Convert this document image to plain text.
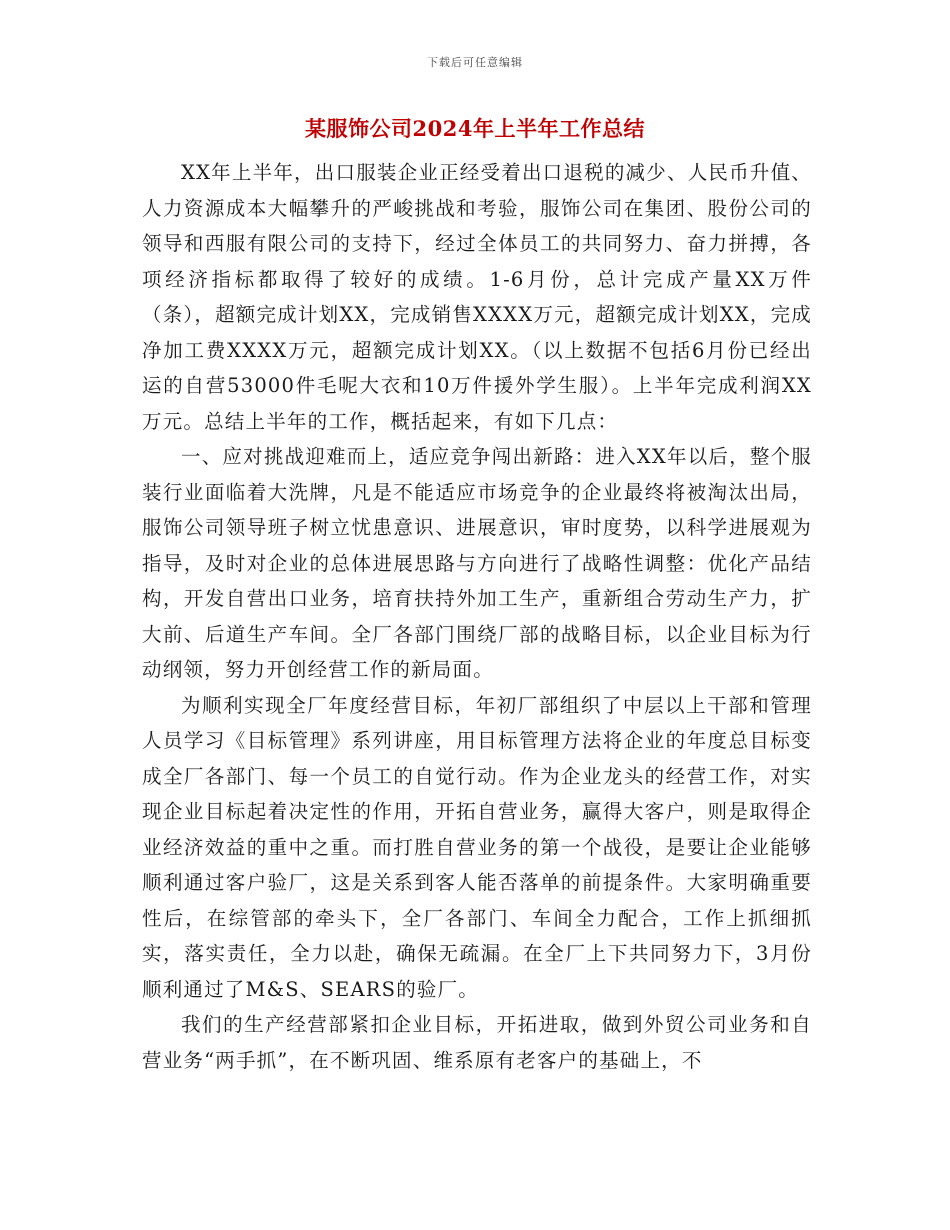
下载后可任意编辑
某服饰公司2024年上半年工作总结

XX年上半年，出口服装企业正经受着出口退税的减少、人民币升值、人力资源成本大幅攀升的严峻挑战和考验，服饰公司在集团、股份公司的领导和西服有限公司的支持下，经过全体员工的共同努力、奋力拼搏，各项经济指标都取得了较好的成绩。1-6月份，总计完成产量XX万件（条），超额完成计划XX，完成销售XXXX万元，超额完成计划XX，完成净加工费XXXX万元，超额完成计划XX。（以上数据不包括6月份已经出运的自营53000件毛呢大衣和10万件援外学生服）。上半年完成利润XX万元。总结上半年的工作，概括起来，有如下几点：

一、应对挑战迎难而上，适应竞争闯出新路：进入XX年以后，整个服装行业面临着大洗牌，凡是不能适应市场竞争的企业最终将被淘汰出局，服饰公司领导班子树立忧患意识、进展意识，审时度势，以科学进展观为指导，及时对企业的总体进展思路与方向进行了战略性调整：优化产品结构，开发自营出口业务，培育扶持外加工生产，重新组合劳动生产力，扩大前、后道生产车间。全厂各部门围绕厂部的战略目标，以企业目标为行动纲领，努力开创经营工作的新局面。

为顺利实现全厂年度经营目标，年初厂部组织了中层以上干部和管理人员学习《目标管理》系列讲座，用目标管理方法将企业的年度总目标变成全厂各部门、每一个员工的自觉行动。作为企业龙头的经营工作，对实现企业目标起着决定性的作用，开拓自营业务，赢得大客户，则是取得企业经济效益的重中之重。而打胜自营业务的第一个战役，是要让企业能够顺利通过客户验厂，这是关系到客人能否落单的前提条件。大家明确重要性后，在综管部的牵头下，全厂各部门、车间全力配合，工作上抓细抓实，落实责任，全力以赴，确保无疏漏。在全厂上下共同努力下，3月份顺利通过了M&S、SEARS的验厂。

我们的生产经营部紧扣企业目标，开拓进取，做到外贸公司业务和自营业务“两手抓”，在不断巩固、维系原有老客户的基础上，不
